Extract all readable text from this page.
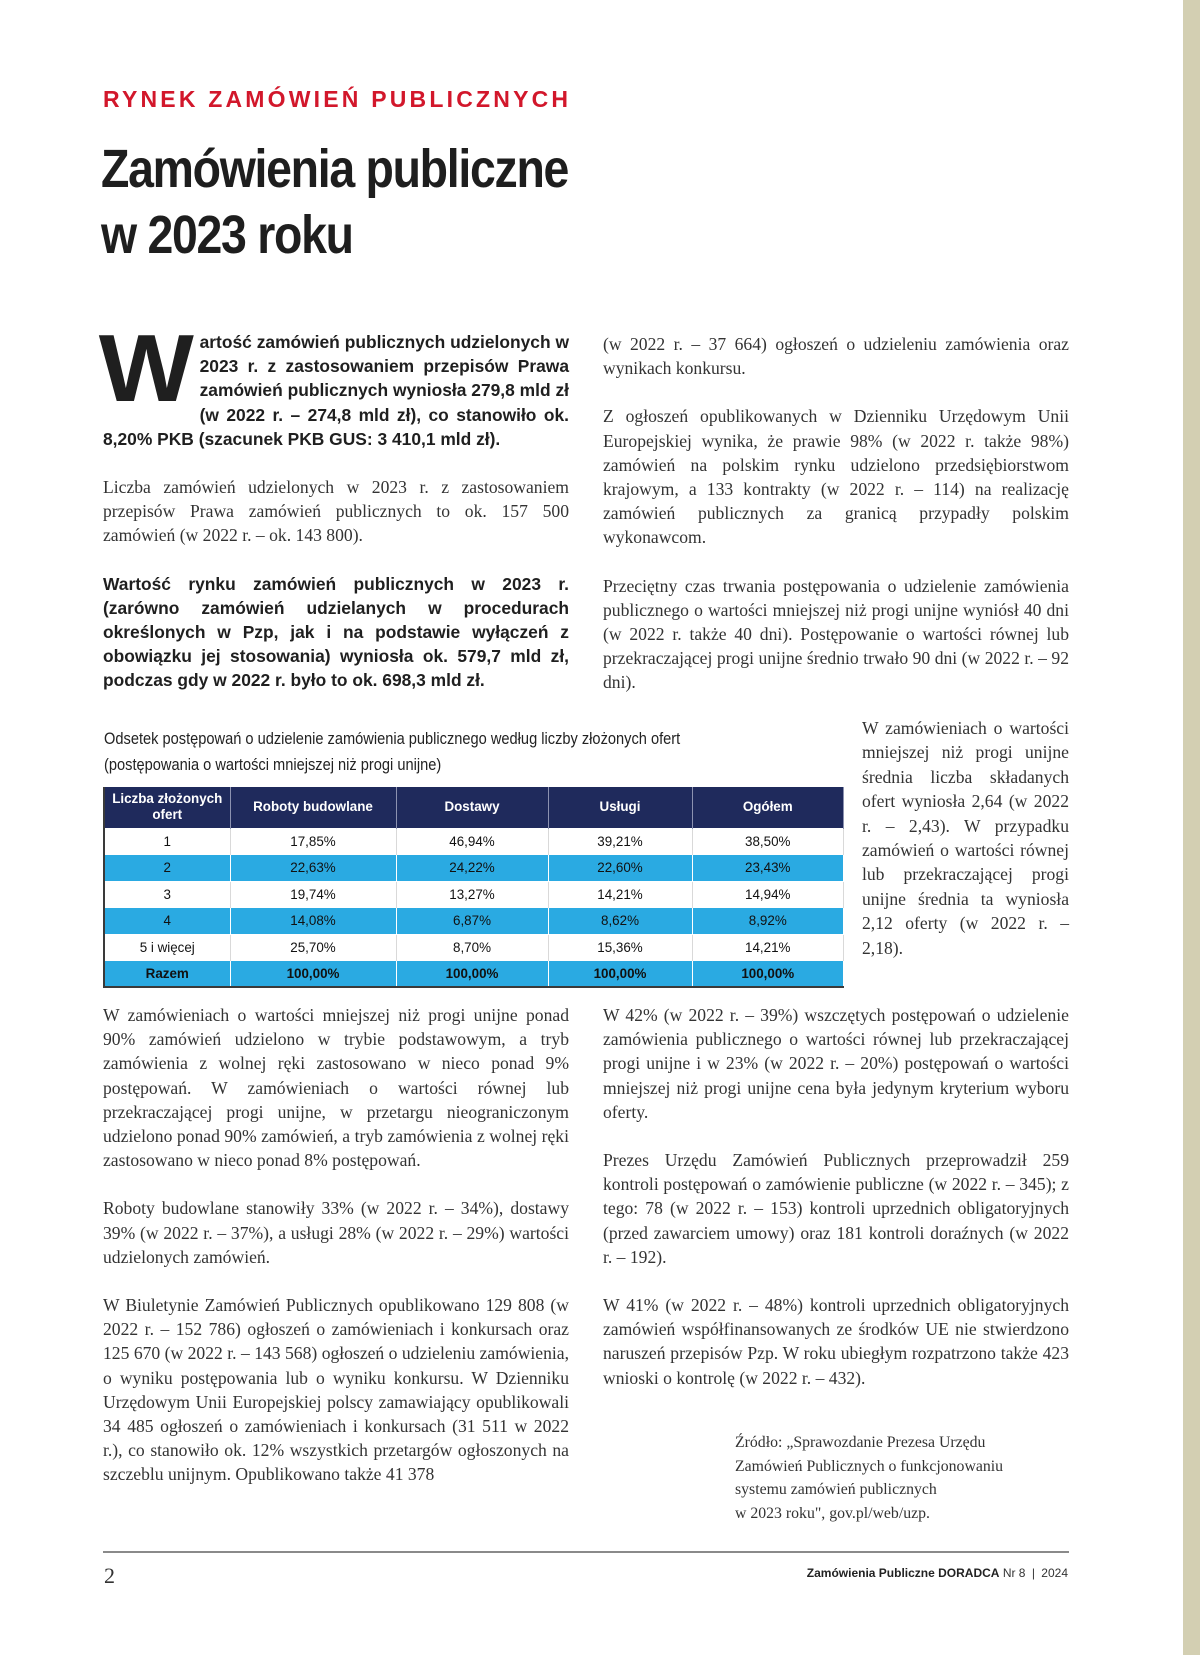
RYNEK ZAMÓWIEŃ PUBLICZNYCH
Zamówienia publiczne
w 2023 roku

Wartość zamówień publicznych udzielonych w 2023 r. z zastosowaniem przepisów Prawa zamówień publicznych wyniosła 279,8 mld zł (w 2022 r. – 274,8 mld zł), co stanowiło ok. 8,20% PKB (szacunek PKB GUS: 3 410,1 mld zł).

Liczba zamówień udzielonych w 2023 r. z zastosowaniem przepisów Prawa zamówień publicznych to ok. 157 500 zamówień (w 2022 r. – ok. 143 800).

Wartość rynku zamówień publicznych w 2023 r. (zarówno zamówień udzielanych w procedurach określonych w Pzp, jak i na podstawie wyłączeń z obowiązku jej stosowania) wyniosła ok. 579,7 mld zł, podczas gdy w 2022 r. było to ok. 698,3 mld zł.

(w 2022 r. – 37 664) ogłoszeń o udzieleniu zamówienia oraz wynikach konkursu.

Z ogłoszeń opublikowanych w Dzienniku Urzędowym Unii Europejskiej wynika, że prawie 98% (w 2022 r. także 98%) zamówień na polskim rynku udzielono przedsiębiorstwom krajowym, a 133 kontrakty (w 2022 r. – 114) na realizację zamówień publicznych za granicą przypadły polskim wykonawcom.

Przeciętny czas trwania postępowania o udzielenie zamówienia publicznego o wartości mniejszej niż progi unijne wyniósł 40 dni (w 2022 r. także 40 dni). Postępowanie o wartości równej lub przekraczającej progi unijne średnio trwało 90 dni (w 2022 r. – 92 dni).

W zamówieniach o wartości mniejszej niż progi unijne średnia liczba składanych ofert wyniosła 2,64 (w 2022 r. – 2,43). W przypadku zamówień o wartości równej lub przekraczającej progi unijne średnia ta wyniosła 2,12 oferty (w 2022 r. – 2,18).

Odsetek postępowań o udzielenie zamówienia publicznego według liczby złożonych ofert
(postępowania o wartości mniejszej niż progi unijne)
Liczba złożonych ofert	Roboty budowlane	Dostawy	Usługi	Ogółem
1	17,85%	46,94%	39,21%	38,50%
2	22,63%	24,22%	22,60%	23,43%
3	19,74%	13,27%	14,21%	14,94%
4	14,08%	6,87%	8,62%	8,92%
5 i więcej	25,70%	8,70%	15,36%	14,21%
Razem	100,00%	100,00%	100,00%	100,00%

W zamówieniach o wartości mniejszej niż progi unijne ponad 90% zamówień udzielono w trybie podstawowym, a tryb zamówienia z wolnej ręki zastosowano w nieco ponad 9% postępowań. W zamówieniach o wartości równej lub przekraczającej progi unijne, w przetargu nieograniczonym udzielono ponad 90% zamówień, a tryb zamówienia z wolnej ręki zastosowano w nieco ponad 8% postępowań.

Roboty budowlane stanowiły 33% (w 2022 r. – 34%), dostawy 39% (w 2022 r. – 37%), a usługi 28% (w 2022 r. – 29%) wartości udzielonych zamówień.

W Biuletynie Zamówień Publicznych opublikowano 129 808 (w 2022 r. – 152 786) ogłoszeń o zamówieniach i konkursach oraz 125 670 (w 2022 r. – 143 568) ogłoszeń o udzieleniu zamówienia, o wyniku postępowania lub o wyniku konkursu. W Dzienniku Urzędowym Unii Europejskiej polscy zamawiający opublikowali 34 485 ogłoszeń o zamówieniach i konkursach (31 511 w 2022 r.), co stanowiło ok. 12% wszystkich przetargów ogłoszonych na szczeblu unijnym. Opublikowano także 41 378

W 42% (w 2022 r. – 39%) wszczętych postępowań o udzielenie zamówienia publicznego o wartości równej lub przekraczającej progi unijne i w 23% (w 2022 r. – 20%) postępowań o wartości mniejszej niż progi unijne cena była jedynym kryterium wyboru oferty.

Prezes Urzędu Zamówień Publicznych przeprowadził 259 kontroli postępowań o zamówienie publiczne (w 2022 r. – 345); z tego: 78 (w 2022 r. – 153) kontroli uprzednich obligatoryjnych (przed zawarciem umowy) oraz 181 kontroli doraźnych (w 2022 r. – 192).

W 41% (w 2022 r. – 48%) kontroli uprzednich obligatoryjnych zamówień współfinansowanych ze środków UE nie stwierdzono naruszeń przepisów Pzp. W roku ubiegłym rozpatrzono także 423 wnioski o kontrolę (w 2022 r. – 432).

Źródło: „Sprawozdanie Prezesa Urzędu
Zamówień Publicznych o funkcjonowaniu
systemu zamówień publicznych
w 2023 roku", gov.pl/web/uzp.
2	Zamówienia Publiczne DORADCA Nr 8 | 2024
